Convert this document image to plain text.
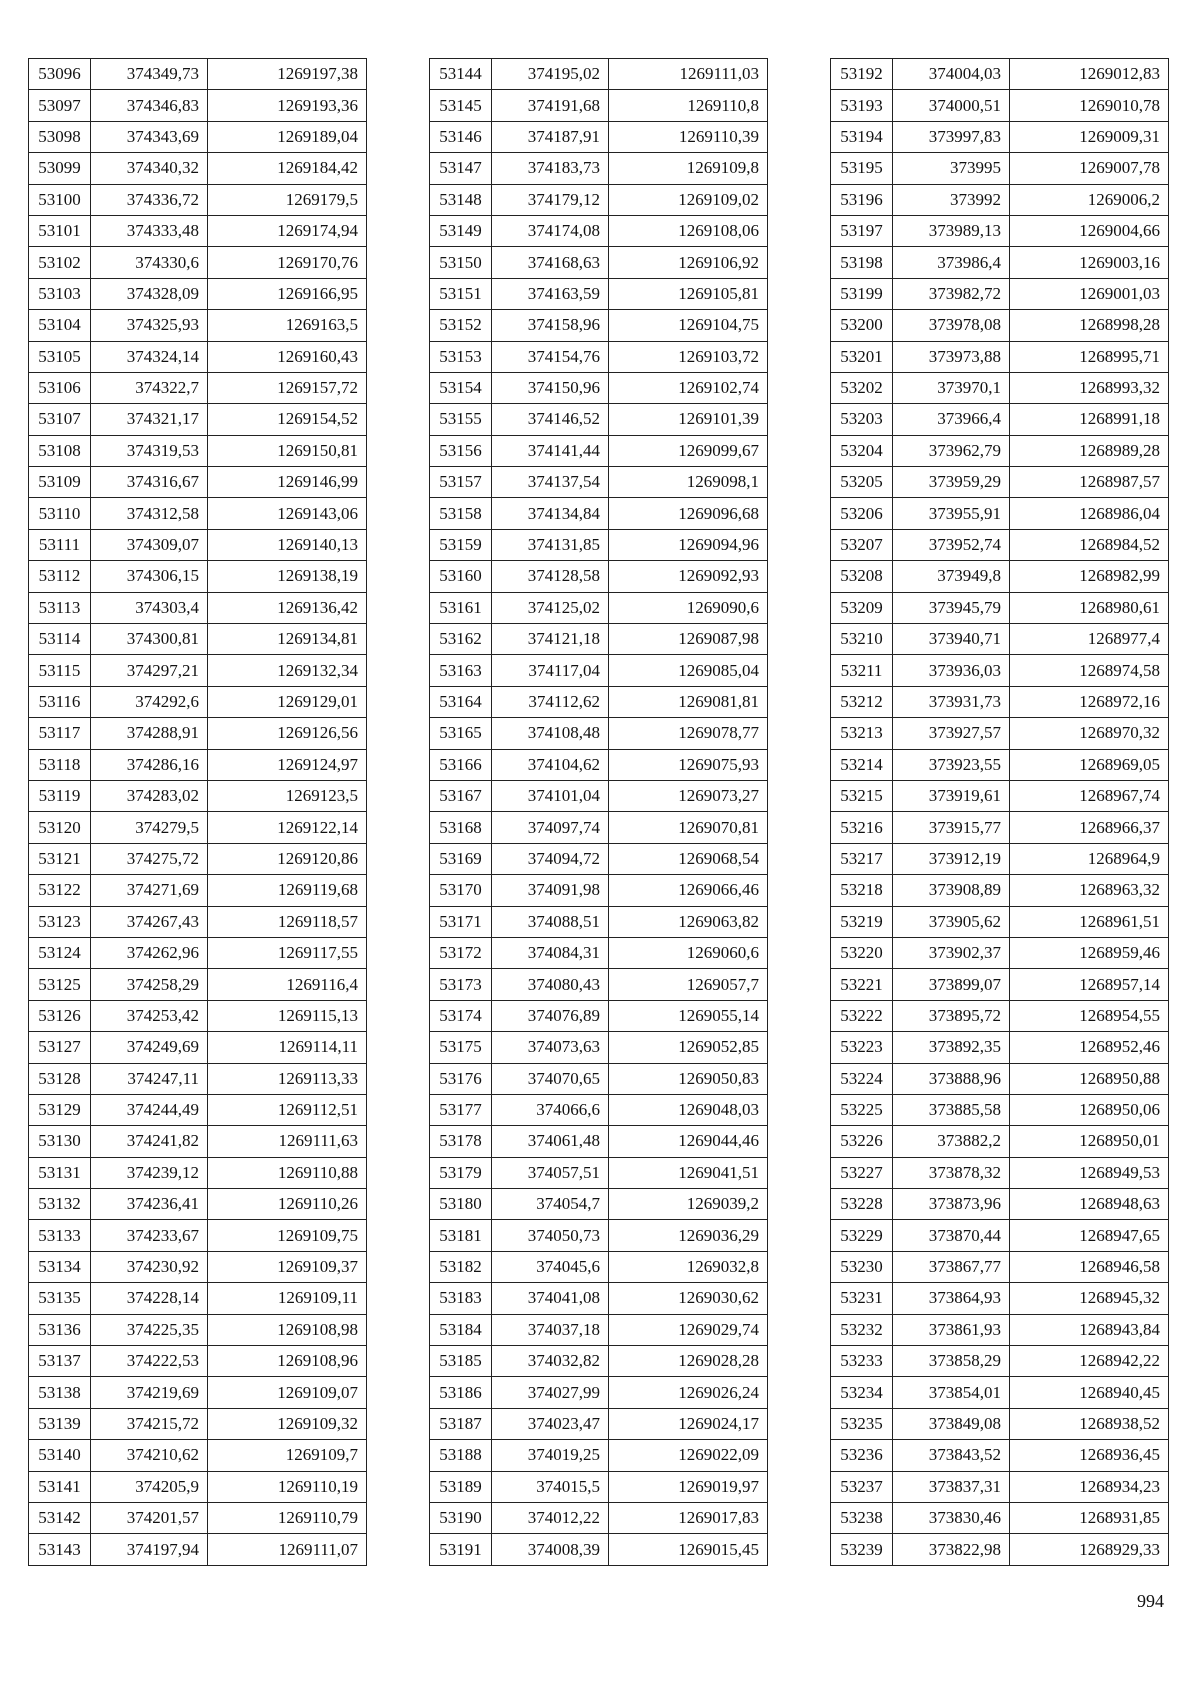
53096	374349,73	1269197,38
53097	374346,83	1269193,36
53098	374343,69	1269189,04
53099	374340,32	1269184,42
53100	374336,72	1269179,5
53101	374333,48	1269174,94
53102	374330,6	1269170,76
53103	374328,09	1269166,95
53104	374325,93	1269163,5
53105	374324,14	1269160,43
53106	374322,7	1269157,72
53107	374321,17	1269154,52
53108	374319,53	1269150,81
53109	374316,67	1269146,99
53110	374312,58	1269143,06
53111	374309,07	1269140,13
53112	374306,15	1269138,19
53113	374303,4	1269136,42
53114	374300,81	1269134,81
53115	374297,21	1269132,34
53116	374292,6	1269129,01
53117	374288,91	1269126,56
53118	374286,16	1269124,97
53119	374283,02	1269123,5
53120	374279,5	1269122,14
53121	374275,72	1269120,86
53122	374271,69	1269119,68
53123	374267,43	1269118,57
53124	374262,96	1269117,55
53125	374258,29	1269116,4
53126	374253,42	1269115,13
53127	374249,69	1269114,11
53128	374247,11	1269113,33
53129	374244,49	1269112,51
53130	374241,82	1269111,63
53131	374239,12	1269110,88
53132	374236,41	1269110,26
53133	374233,67	1269109,75
53134	374230,92	1269109,37
53135	374228,14	1269109,11
53136	374225,35	1269108,98
53137	374222,53	1269108,96
53138	374219,69	1269109,07
53139	374215,72	1269109,32
53140	374210,62	1269109,7
53141	374205,9	1269110,19
53142	374201,57	1269110,79
53143	374197,94	1269111,07
53144	374195,02	1269111,03
53145	374191,68	1269110,8
53146	374187,91	1269110,39
53147	374183,73	1269109,8
53148	374179,12	1269109,02
53149	374174,08	1269108,06
53150	374168,63	1269106,92
53151	374163,59	1269105,81
53152	374158,96	1269104,75
53153	374154,76	1269103,72
53154	374150,96	1269102,74
53155	374146,52	1269101,39
53156	374141,44	1269099,67
53157	374137,54	1269098,1
53158	374134,84	1269096,68
53159	374131,85	1269094,96
53160	374128,58	1269092,93
53161	374125,02	1269090,6
53162	374121,18	1269087,98
53163	374117,04	1269085,04
53164	374112,62	1269081,81
53165	374108,48	1269078,77
53166	374104,62	1269075,93
53167	374101,04	1269073,27
53168	374097,74	1269070,81
53169	374094,72	1269068,54
53170	374091,98	1269066,46
53171	374088,51	1269063,82
53172	374084,31	1269060,6
53173	374080,43	1269057,7
53174	374076,89	1269055,14
53175	374073,63	1269052,85
53176	374070,65	1269050,83
53177	374066,6	1269048,03
53178	374061,48	1269044,46
53179	374057,51	1269041,51
53180	374054,7	1269039,2
53181	374050,73	1269036,29
53182	374045,6	1269032,8
53183	374041,08	1269030,62
53184	374037,18	1269029,74
53185	374032,82	1269028,28
53186	374027,99	1269026,24
53187	374023,47	1269024,17
53188	374019,25	1269022,09
53189	374015,5	1269019,97
53190	374012,22	1269017,83
53191	374008,39	1269015,45
53192	374004,03	1269012,83
53193	374000,51	1269010,78
53194	373997,83	1269009,31
53195	373995	1269007,78
53196	373992	1269006,2
53197	373989,13	1269004,66
53198	373986,4	1269003,16
53199	373982,72	1269001,03
53200	373978,08	1268998,28
53201	373973,88	1268995,71
53202	373970,1	1268993,32
53203	373966,4	1268991,18
53204	373962,79	1268989,28
53205	373959,29	1268987,57
53206	373955,91	1268986,04
53207	373952,74	1268984,52
53208	373949,8	1268982,99
53209	373945,79	1268980,61
53210	373940,71	1268977,4
53211	373936,03	1268974,58
53212	373931,73	1268972,16
53213	373927,57	1268970,32
53214	373923,55	1268969,05
53215	373919,61	1268967,74
53216	373915,77	1268966,37
53217	373912,19	1268964,9
53218	373908,89	1268963,32
53219	373905,62	1268961,51
53220	373902,37	1268959,46
53221	373899,07	1268957,14
53222	373895,72	1268954,55
53223	373892,35	1268952,46
53224	373888,96	1268950,88
53225	373885,58	1268950,06
53226	373882,2	1268950,01
53227	373878,32	1268949,53
53228	373873,96	1268948,63
53229	373870,44	1268947,65
53230	373867,77	1268946,58
53231	373864,93	1268945,32
53232	373861,93	1268943,84
53233	373858,29	1268942,22
53234	373854,01	1268940,45
53235	373849,08	1268938,52
53236	373843,52	1268936,45
53237	373837,31	1268934,23
53238	373830,46	1268931,85
53239	373822,98	1268929,33
994
